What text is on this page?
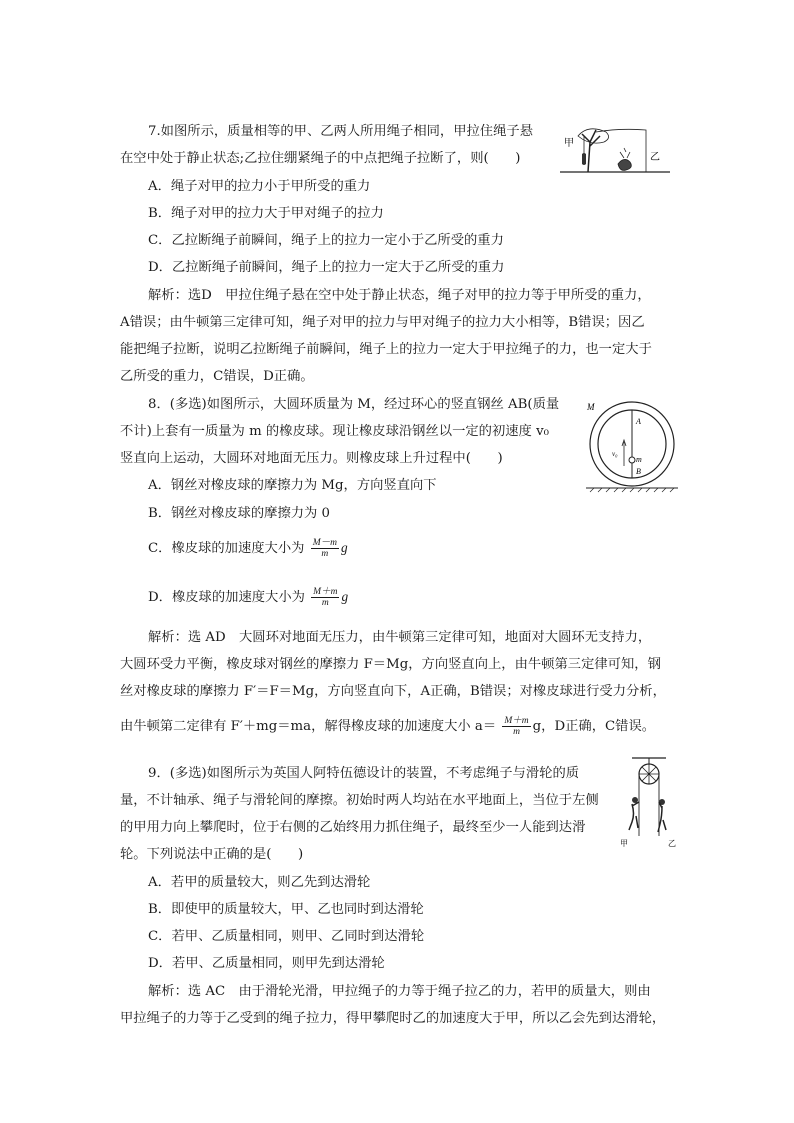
7.如图所示，质量相等的甲、乙两人所用绳子相同，甲拉住绳子悬
在空中处于静止状态;乙拉住绷紧绳子的中点把绳子拉断了，则(　　)
A．绳子对甲的拉力小于甲所受的重力
B．绳子对甲的拉力大于甲对绳子的拉力
C．乙拉断绳子前瞬间，绳子上的拉力一定小于乙所受的重力
D．乙拉断绳子前瞬间，绳子上的拉力一定大于乙所受的重力
解析：选D　甲拉住绳子悬在空中处于静止状态，绳子对甲的拉力等于甲所受的重力，
A错误；由牛顿第三定律可知，绳子对甲的拉力与甲对绳子的拉力大小相等，B错误；因乙
能把绳子拉断，说明乙拉断绳子前瞬间，绳子上的拉力一定大于甲拉绳子的力，也一定大于
乙所受的重力，C错误，D正确。
甲
乙
8．(多选)如图所示，大圆环质量为 M，经过环心的竖直钢丝 AB(质量
不计)上套有一质量为 m 的橡皮球。现让橡皮球沿钢丝以一定的初速度 v₀
竖直向上运动，大圆环对地面无压力。则橡皮球上升过程中(　　)
A．钢丝对橡皮球的摩擦力为 Mg，方向竖直向下
B．钢丝对橡皮球的摩擦力为 0
C．橡皮球的加速度大小为 $\frac{M-m}{m}$ g
D．橡皮球的加速度大小为 $\frac{M+m}{m}$ g
解析：选 AD　大圆环对地面无压力，由牛顿第三定律可知，地面对大圆环无支持力，
大圆环受力平衡，橡皮球对钢丝的摩擦力 F＝Mg，方向竖直向上，由牛顿第三定律可知，钢
丝对橡皮球的摩擦力 F′＝F＝Mg，方向竖直向下，A正确，B错误；对橡皮球进行受力分析，
由牛顿第二定律有 F′＋mg＝ma，解得橡皮球的加速度大小 $a= \frac{M+m}{m}$ g，D正确，C错误。
M
A
m
B
v₀
9．(多选)如图所示为英国人阿特伍德设计的装置，不考虑绳子与滑轮的质
量，不计轴承、绳子与滑轮间的摩擦。初始时两人均站在水平地面上，当位于左侧
的甲用力向上攀爬时，位于右侧的乙始终用力抓住绳子，最终至少一人能到达滑
轮。下列说法中正确的是(　　)
A．若甲的质量较大，则乙先到达滑轮
B．即使甲的质量较大，甲、乙也同时到达滑轮
C．若甲、乙质量相同，则甲、乙同时到达滑轮
D．若甲、乙质量相同，则甲先到达滑轮
解析：选 AC　由于滑轮光滑，甲拉绳子的力等于绳子拉乙的力，若甲的质量大，则由
甲拉绳子的力等于乙受到的绳子拉力，得甲攀爬时乙的加速度大于甲，所以乙会先到达滑轮，
甲	乙
